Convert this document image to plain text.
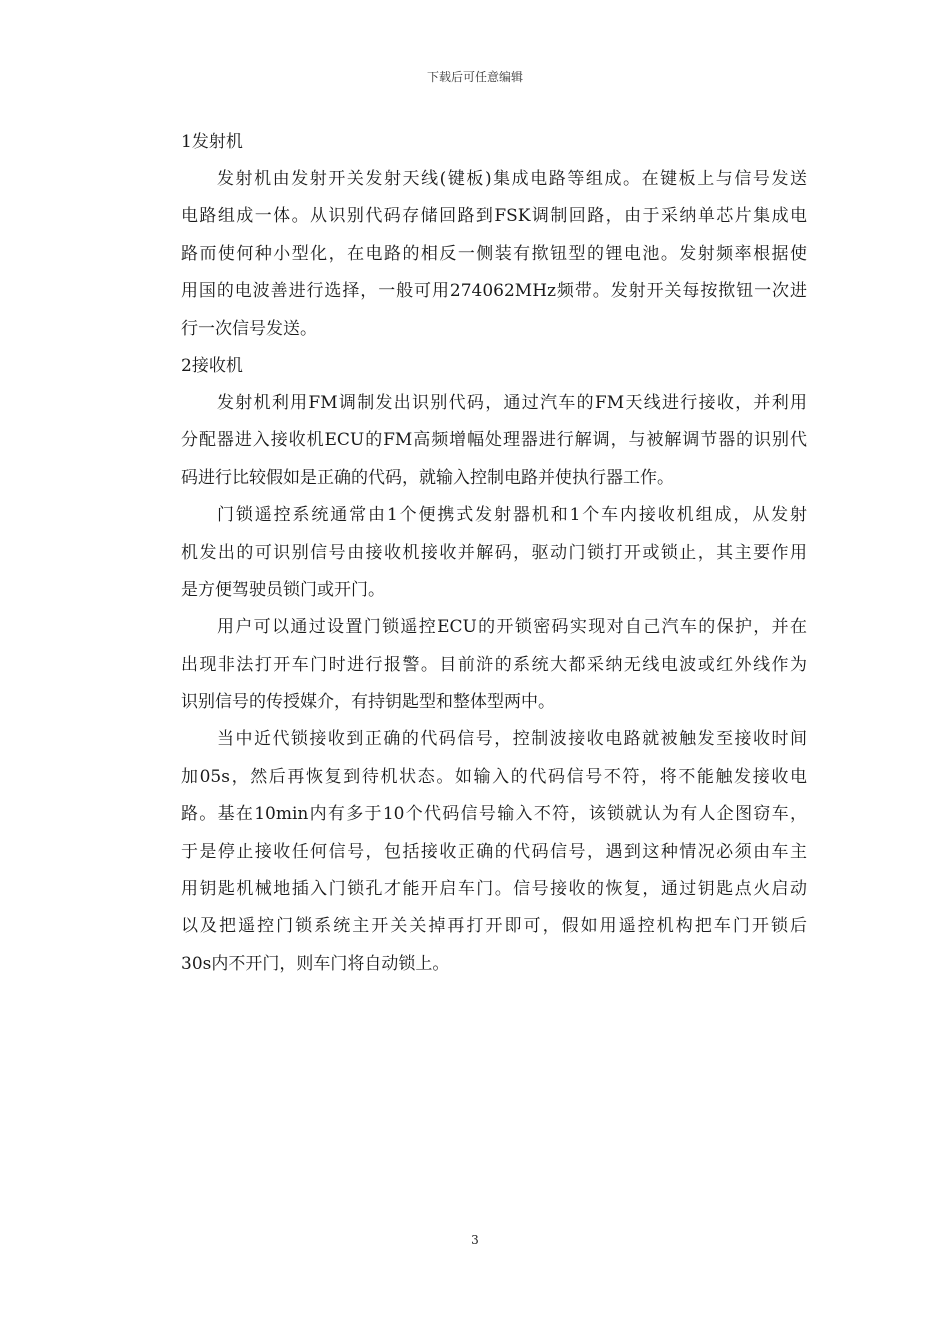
下载后可任意编辑
1发射机
发射机由发射开关发射天线(键板)集成电路等组成。在键板上与信号发送
电路组成一体。从识别代码存储回路到FSK调制回路，由于采纳单芯片集成电
路而使何种小型化，在电路的相反一侧装有揿钮型的锂电池。发射频率根据使
用国的电波善进行选择，一般可用274062MHz频带。发射开关每按揿钮一次进
行一次信号发送。
2接收机
发射机利用FM调制发出识别代码，通过汽车的FM天线进行接收，并利用
分配器进入接收机ECU的FM高频增幅处理器进行解调，与被解调节器的识别代
码进行比较假如是正确的代码，就输入控制电路并使执行器工作。
门锁遥控系统通常由1个便携式发射器机和1个车内接收机组成，从发射
机发出的可识别信号由接收机接收并解码，驱动门锁打开或锁止，其主要作用
是方便驾驶员锁门或开门。
用户可以通过设置门锁遥控ECU的开锁密码实现对自己汽车的保护，并在
出现非法打开车门时进行报警。目前浒的系统大都采纳无线电波或红外线作为
识别信号的传授媒介，有持钥匙型和整体型两中。
当中近代锁接收到正确的代码信号，控制波接收电路就被触发至接收时间
加05s，然后再恢复到待机状态。如输入的代码信号不符，将不能触发接收电
路。基在10min内有多于10个代码信号输入不符，该锁就认为有人企图窃车，
于是停止接收任何信号，包括接收正确的代码信号，遇到这种情况必须由车主
用钥匙机械地插入门锁孔才能开启车门。信号接收的恢复，通过钥匙点火启动
以及把遥控门锁系统主开关关掉再打开即可，假如用遥控机构把车门开锁后
30s内不开门，则车门将自动锁上。
3
